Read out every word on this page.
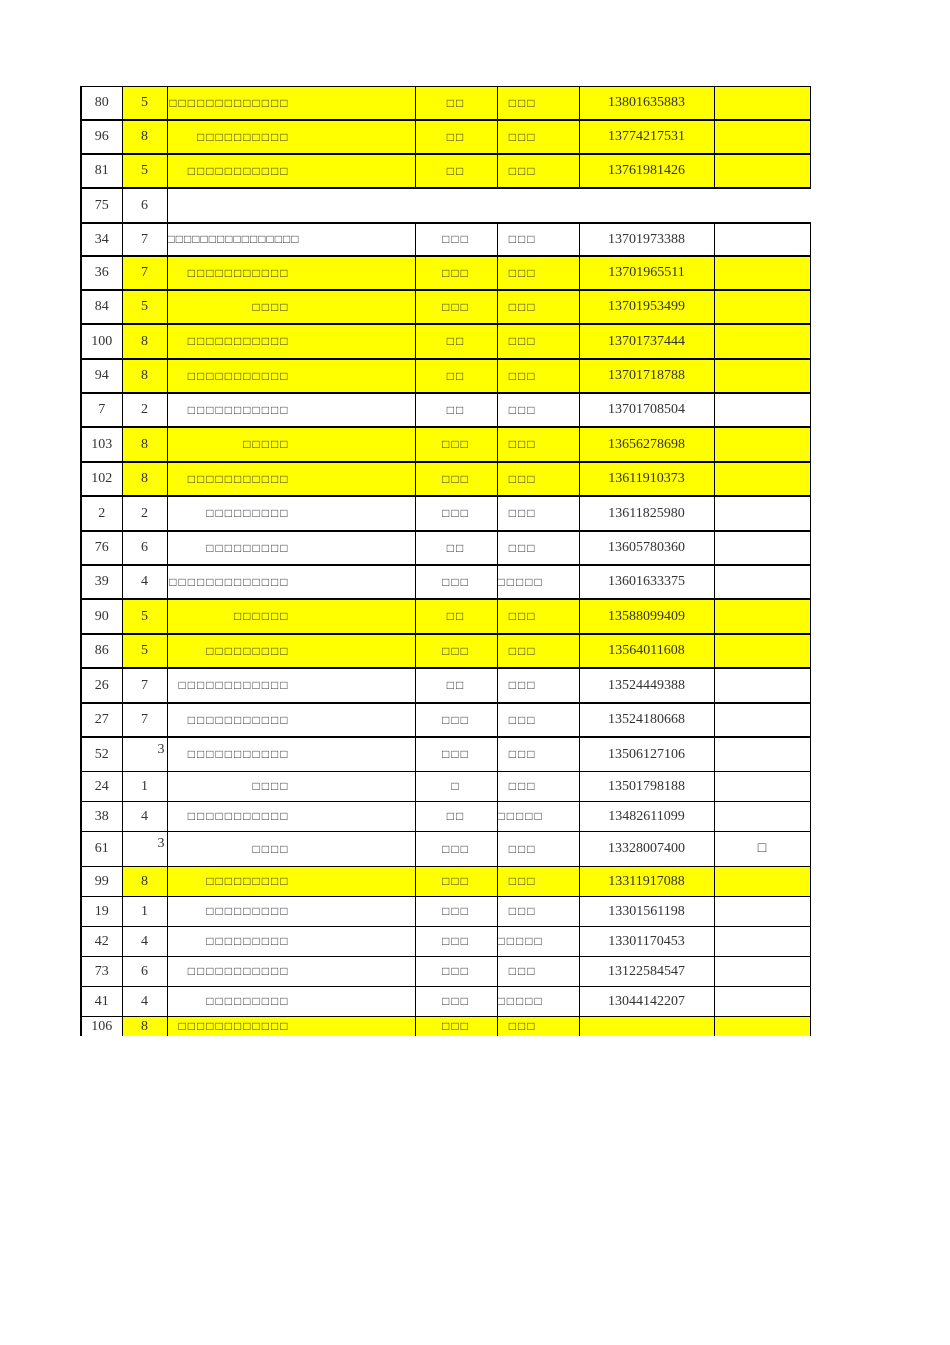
80	5	□□□□□□□□□□□□□	□□	□□□	13801635883	
96	8	□□□□□□□□□□	□□	□□□	13774217531	
81	5	□□□□□□□□□□□	□□	□□□	13761981426	
75	6					
34	7	□□□□□□□□□□□□□□□□	□□□	□□□	13701973388	
36	7	□□□□□□□□□□□	□□□	□□□	13701965511	
84	5	□□□□	□□□	□□□	13701953499	
100	8	□□□□□□□□□□□	□□	□□□	13701737444	
94	8	□□□□□□□□□□□	□□	□□□	13701718788	
7	2	□□□□□□□□□□□	□□	□□□	13701708504	
103	8	□□□□□	□□□	□□□	13656278698	
102	8	□□□□□□□□□□□	□□□	□□□	13611910373	
2	2	□□□□□□□□□	□□□	□□□	13611825980	
76	6	□□□□□□□□□	□□	□□□	13605780360	
39	4	□□□□□□□□□□□□□	□□□	□□□□□	13601633375	
90	5	□□□□□□	□□	□□□	13588099409	
86	5	□□□□□□□□□	□□□	□□□	13564011608	
26	7	□□□□□□□□□□□□	□□	□□□	13524449388	
27	7	□□□□□□□□□□□	□□□	□□□	13524180668	
52	3	□□□□□□□□□□□	□□□	□□□	13506127106	
24	1	□□□□	□	□□□	13501798188	
38	4	□□□□□□□□□□□	□□	□□□□□	13482611099	
61	3	□□□□	□□□	□□□	13328007400	□
99	8	□□□□□□□□□	□□□	□□□	13311917088	
19	1	□□□□□□□□□	□□□	□□□	13301561198	
42	4	□□□□□□□□□	□□□	□□□□□	13301170453	
73	6	□□□□□□□□□□□	□□□	□□□	13122584547	
41	4	□□□□□□□□□	□□□	□□□□□	13044142207	
106	8	□□□□□□□□□□□□	□□□	□□□		
